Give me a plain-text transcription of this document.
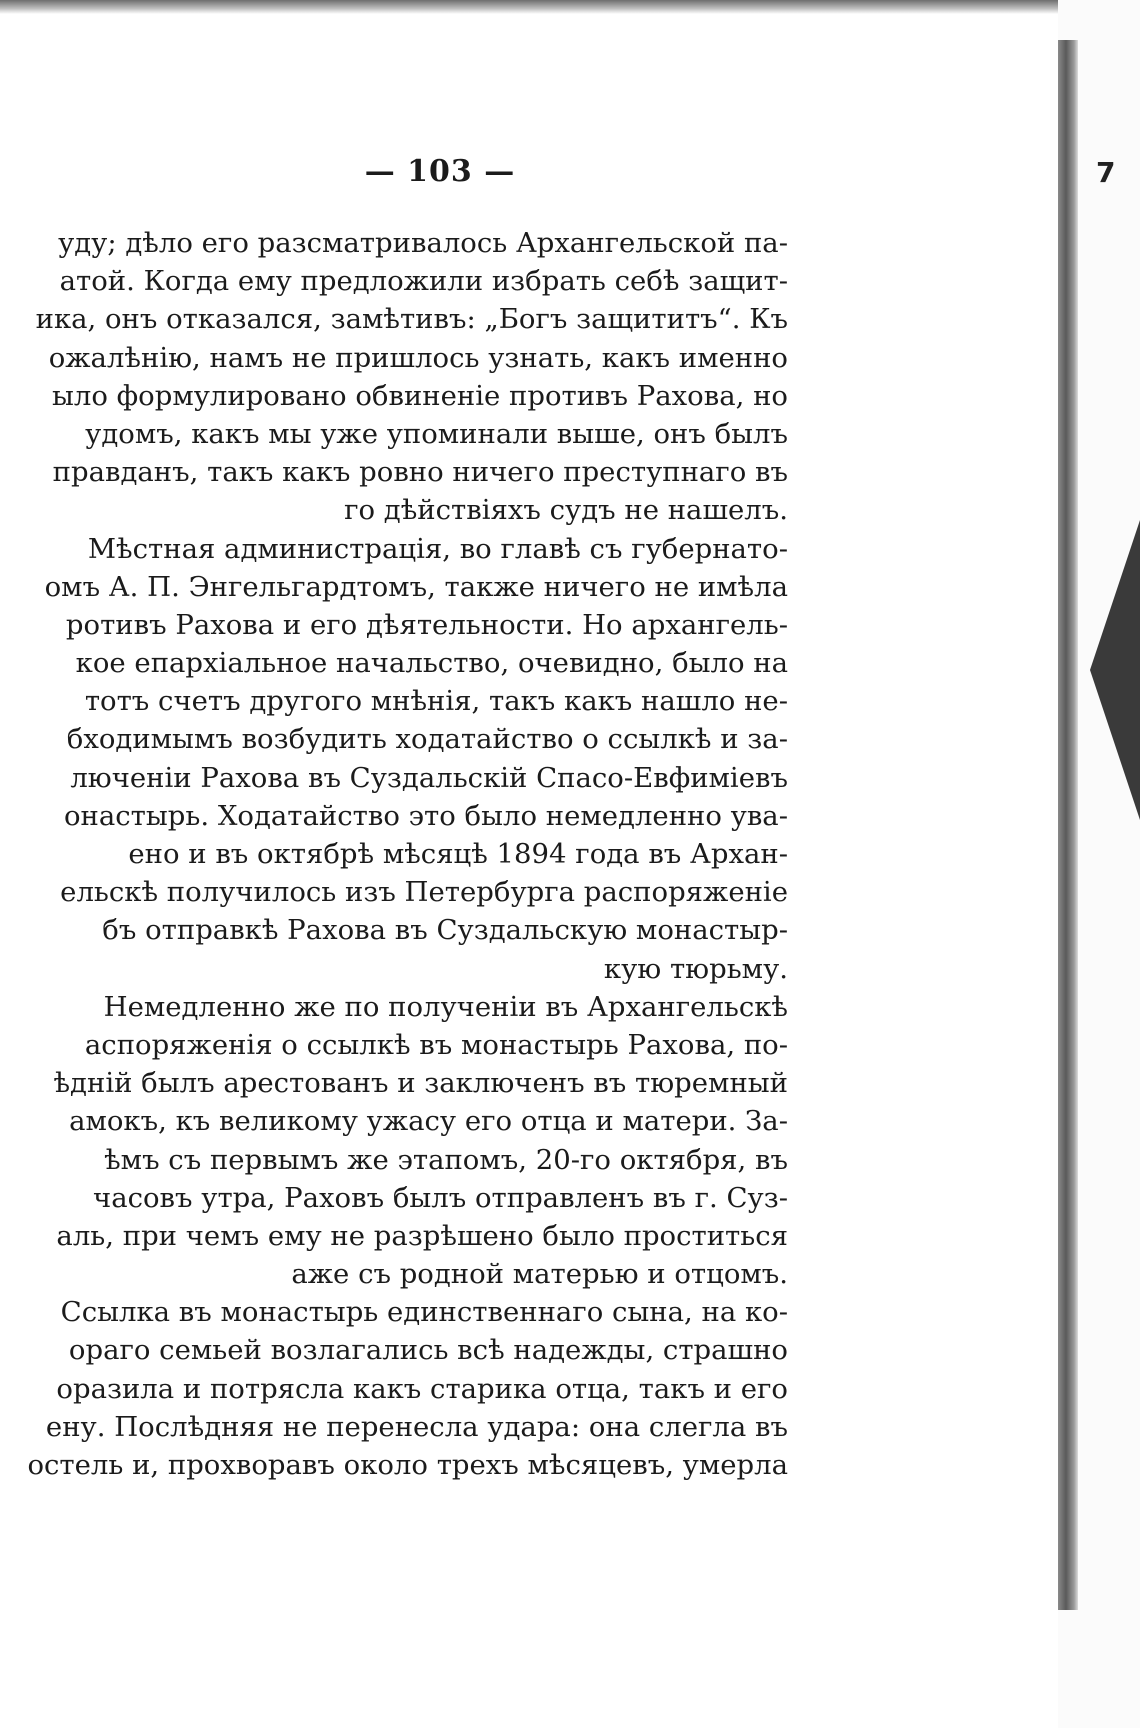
7
— 103 —
уду; дѣло его разсматривалось Архангельской па-
атой. Когда ему предложили избрать себѣ защит-
ика, онъ отказался, замѣтивъ: „Богъ защититъ“. Къ
ожалѣнію, намъ не пришлось узнать, какъ именно
ыло формулировано обвиненіе противъ Рахова, но
удомъ, какъ мы уже упоминали выше, онъ былъ
правданъ, такъ какъ ровно ничего преступнаго въ
го дѣйствіяхъ судъ не нашелъ.
Мѣстная администрація, во главѣ съ губернато-
омъ А. П. Энгельгардтомъ, также ничего не имѣла
ротивъ Рахова и его дѣятельности. Но архангель-
кое епархіальное начальство, очевидно, было на
тотъ счетъ другого мнѣнія, такъ какъ нашло не-
бходимымъ возбудить ходатайство о ссылкѣ и за-
люченіи Рахова въ Суздальскій Спасо-Евфиміевъ
онастырь. Ходатайство это было немедленно ува-
ено и въ октябрѣ мѣсяцѣ 1894 года въ Архан-
ельскѣ получилось изъ Петербурга распоряженіе
бъ отправкѣ Рахова въ Суздальскую монастыр-
кую тюрьму.
Немедленно же по полученіи въ Архангельскѣ
аспоряженія о ссылкѣ въ монастырь Рахова, по-
ѣдній былъ арестованъ и заключенъ въ тюремный
амокъ, къ великому ужасу его отца и матери. За-
ѣмъ съ первымъ же этапомъ, 20-го октября, въ
часовъ утра, Раховъ былъ отправленъ въ г. Суз-
аль, при чемъ ему не разрѣшено было проститься
аже съ родной матерью и отцомъ.
Ссылка въ монастырь единственнаго сына, на ко-
ораго семьей возлагались всѣ надежды, страшно
оразила и потрясла какъ старика отца, такъ и его
ену. Послѣдняя не перенесла удара: она слегла въ
остель и, прохворавъ около трехъ мѣсяцевъ, умерла
